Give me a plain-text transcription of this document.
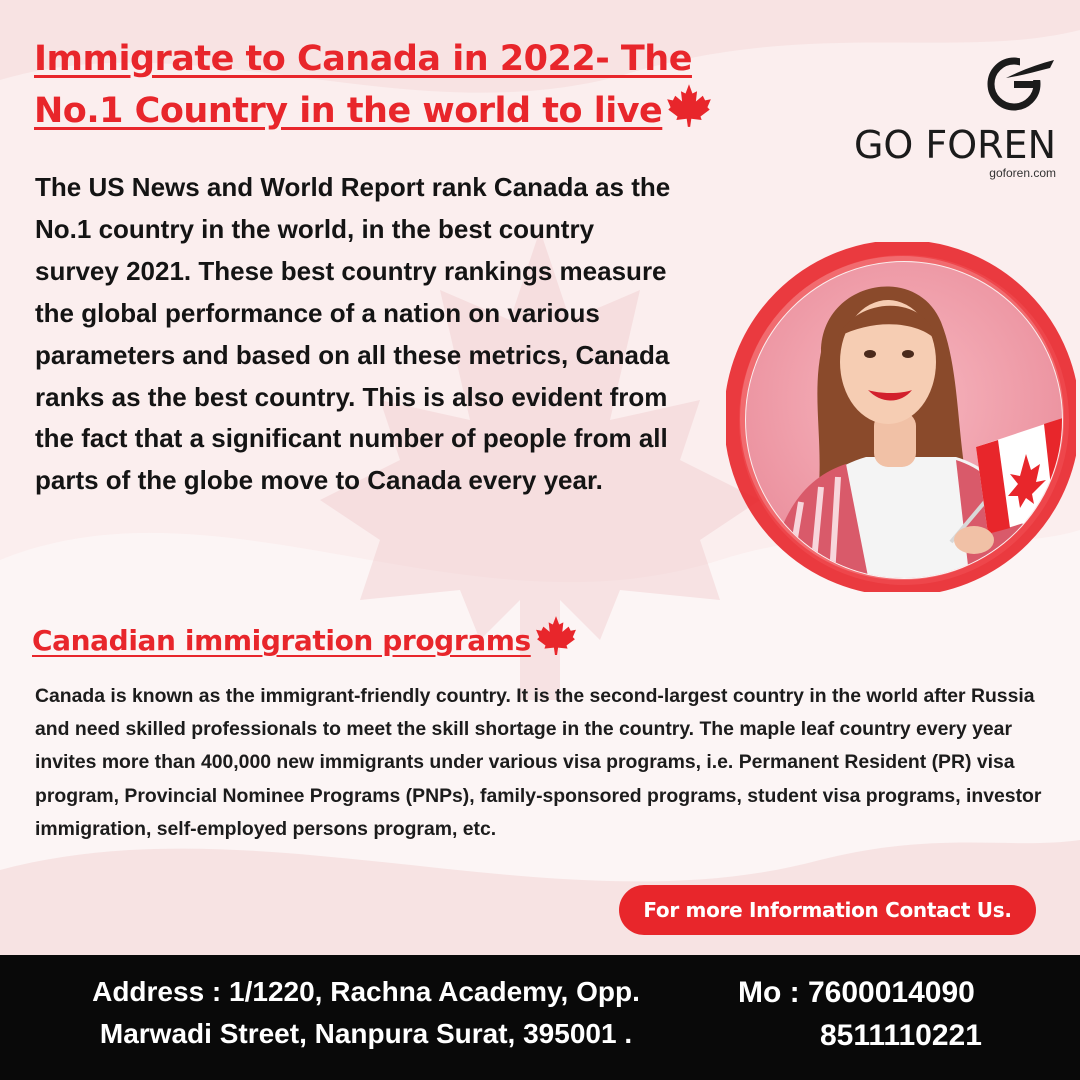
Immigrate to Canada in 2022- The No.1 Country in the world to live
GO FOREN
goforen.com

The US News and World Report rank Canada as the No.1 country in the world, in the best country survey 2021. These best country rankings measure the global performance of a nation on various parameters and based on all these metrics, Canada ranks as the best country. This is also evident from the fact that a significant number of people from all parts of the globe move to Canada every year.

Canadian immigration programs

Canada is known as the immigrant-friendly country. It is the second-largest country in the world after Russia and need skilled professionals to meet the skill shortage in the country. The maple leaf country every year invites more than 400,000 new immigrants under various visa programs, i.e. Permanent Resident (PR) visa program, Provincial Nominee Programs (PNPs), family-sponsored programs, student visa programs, investor immigration, self-employed persons program, etc.

For more Information Contact Us.
Address : 1/1220, Rachna Academy, Opp.
Marwadi Street, Nanpura Surat, 395001 .
Mo : 7600014090
8511110221
